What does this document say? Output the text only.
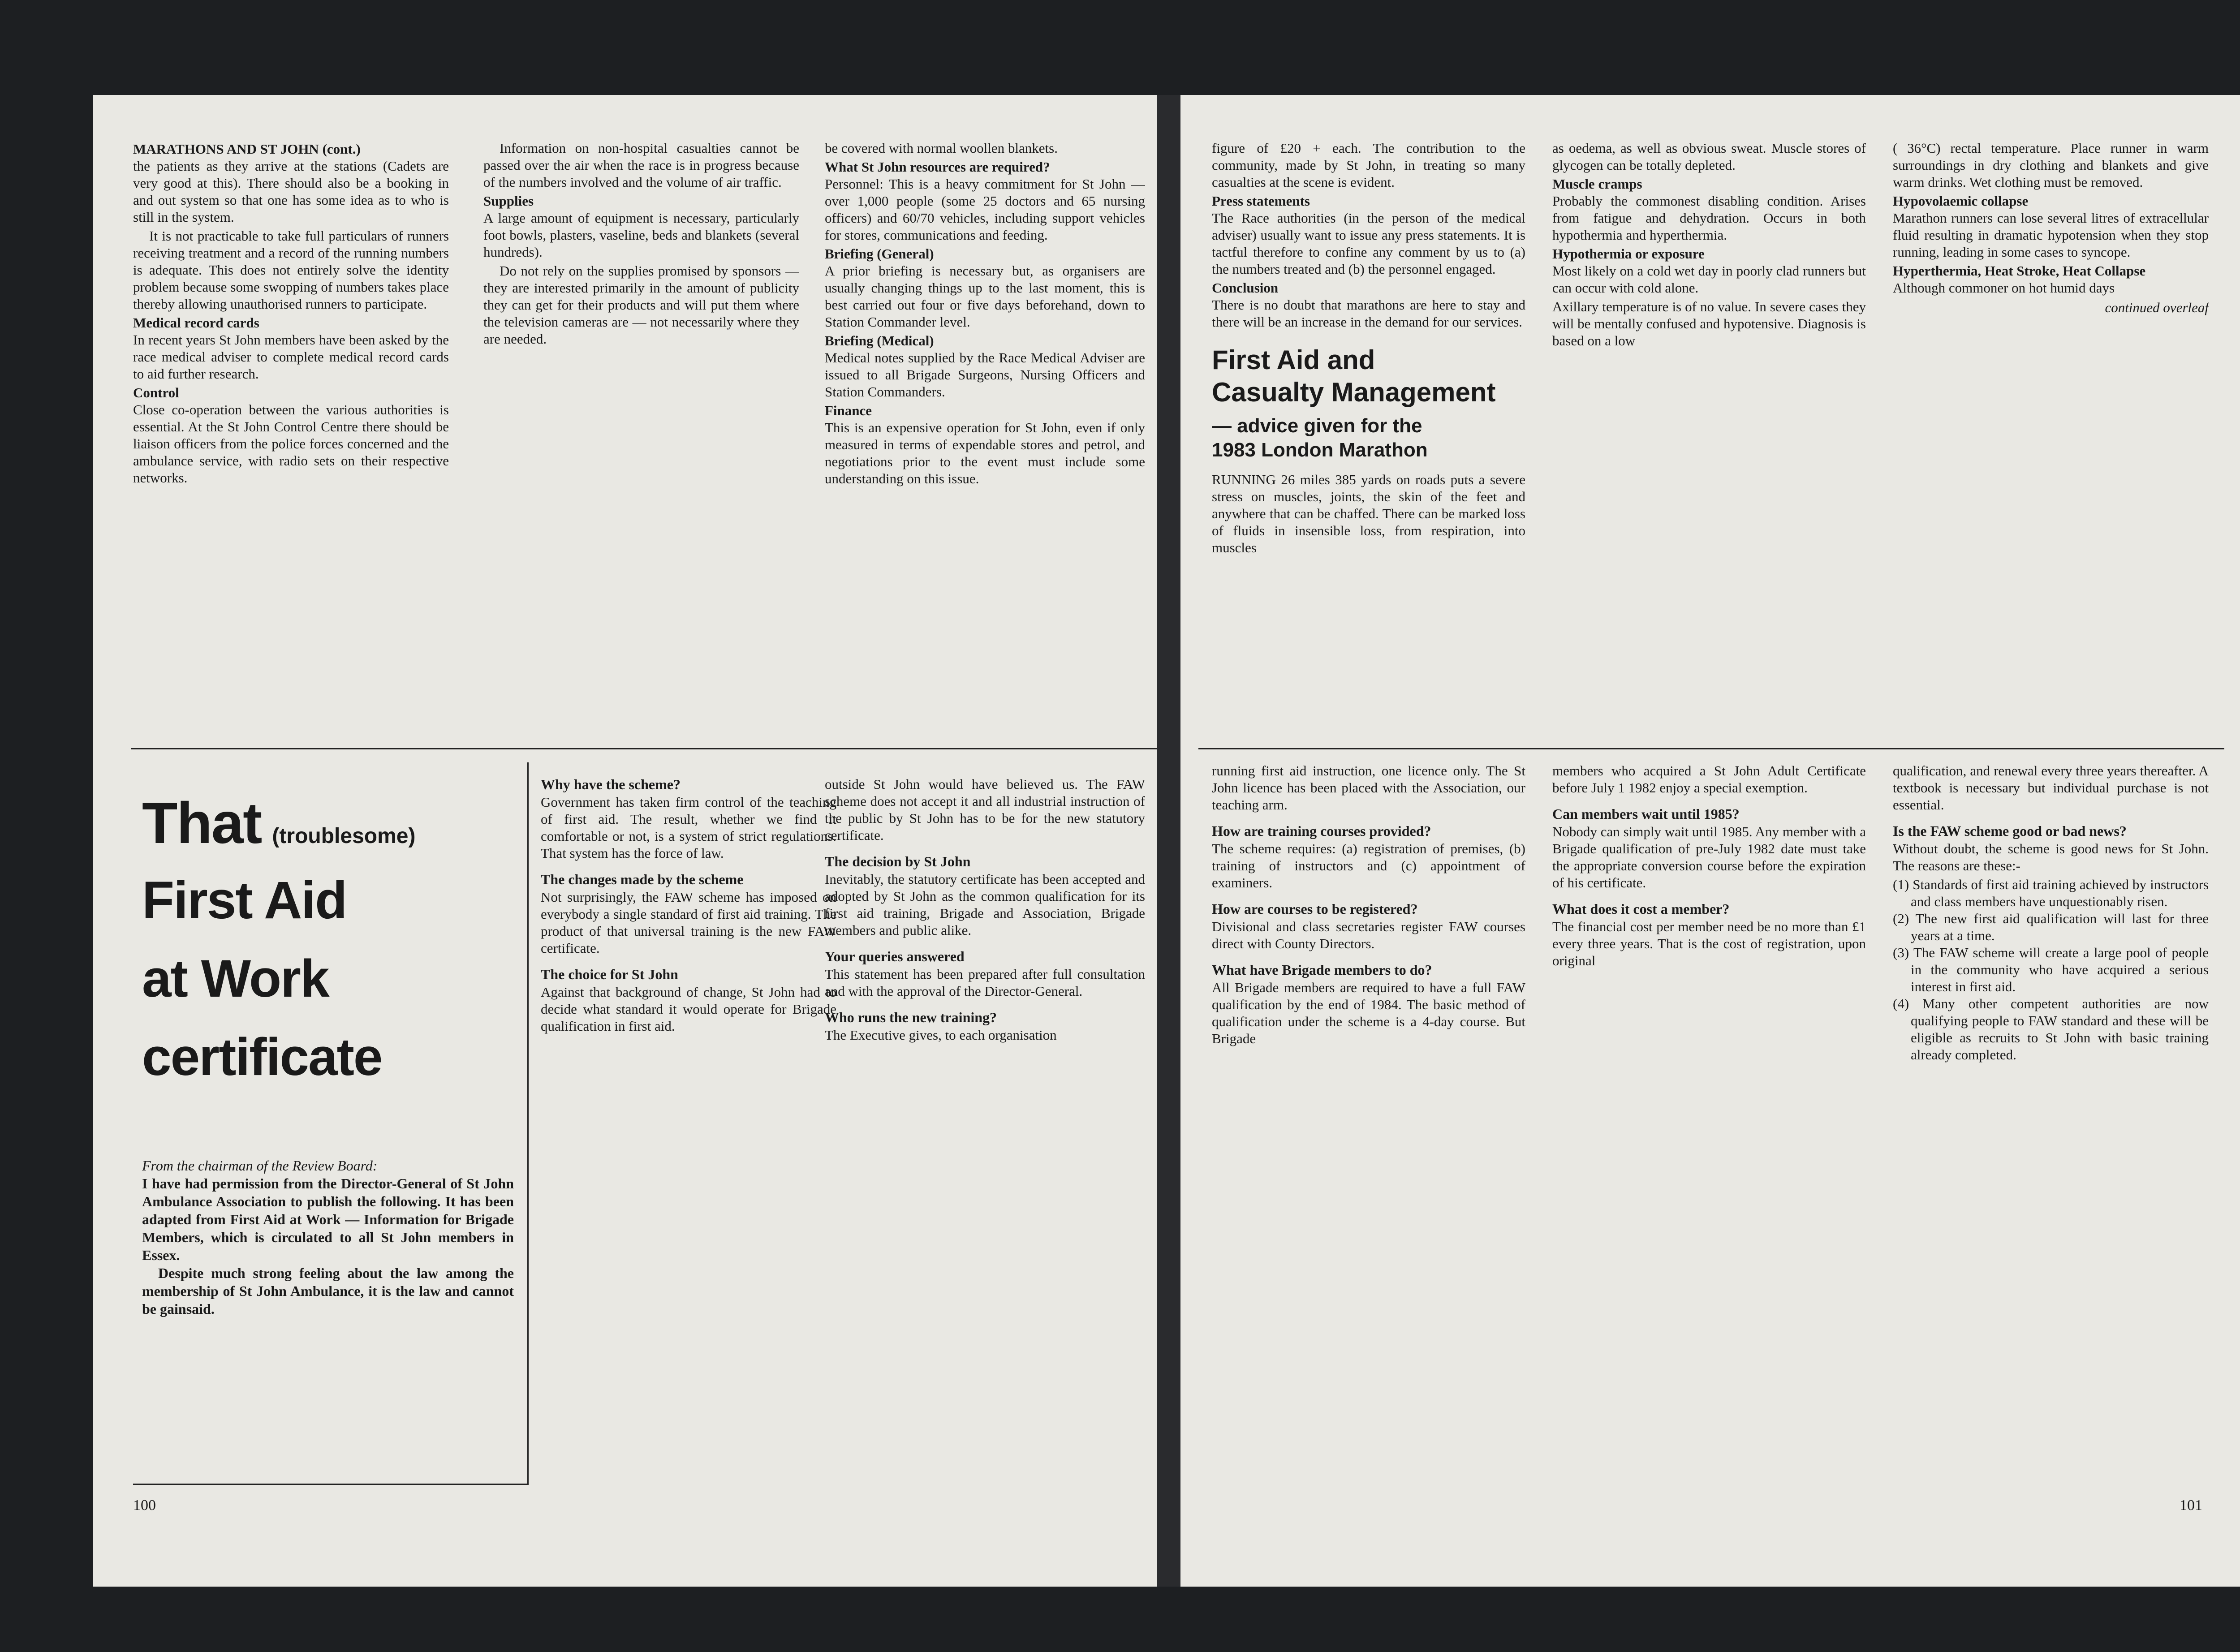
MARATHONS AND ST JOHN (cont.)

the patients as they arrive at the stations (Cadets are very good at this). There should also be a booking in and out system so that one has some idea as to who is still in the system.

It is not practicable to take full particulars of runners receiving treatment and a record of the running numbers is adequate. This does not entirely solve the identity problem because some swopping of numbers takes place thereby allowing unauthorised runners to participate.

Medical record cards

In recent years St John members have been asked by the race medical adviser to complete medical record cards to aid further research.

Control

Close co-operation between the various authorities is essential. At the St John Control Centre there should be liaison officers from the police forces concerned and the ambulance service, with radio sets on their respective networks.

Information on non-hospital casualties cannot be passed over the air when the race is in progress because of the numbers involved and the volume of air traffic.

Supplies

A large amount of equipment is necessary, particularly foot bowls, plasters, vaseline, beds and blankets (several hundreds).

Do not rely on the supplies promised by sponsors — they are interested primarily in the amount of publicity they can get for their products and will put them where the television cameras are — not necessarily where they are needed.

be covered with normal woollen blankets.

What St John resources are required?

Personnel: This is a heavy commitment for St John — over 1,000 people (some 25 doctors and 65 nursing officers) and 60/70 vehicles, including support vehicles for stores, communications and feeding.

Briefing (General)

A prior briefing is necessary but, as organisers are usually changing things up to the last moment, this is best carried out four or five days beforehand, down to Station Commander level.

Briefing (Medical)

Medical notes supplied by the Race Medical Adviser are issued to all Brigade Surgeons, Nursing Officers and Station Commanders.

Finance

This is an expensive operation for St John, even if only measured in terms of expendable stores and petrol, and negotiations prior to the event must include some understanding on this issue.

That (troublesome)
First Aid
at Work
certificate
From the chairman of the Review Board:
I have had permission from the Director-General of St John Ambulance Association to publish the following. It has been adapted from First Aid at Work — Information for Brigade Members, which is circulated to all St John members in Essex.
Despite much strong feeling about the law among the membership of St John Ambulance, it is the law and cannot be gainsaid.
Why have the scheme?

Government has taken firm control of the teaching of first aid. The result, whether we find it comfortable or not, is a system of strict regulations. That system has the force of law.

The changes made by the scheme

Not surprisingly, the FAW scheme has imposed on everybody a single standard of first aid training. The product of that universal training is the new FAW certificate.

The choice for St John

Against that background of change, St John had to decide what standard it would operate for Brigade qualification in first aid.

outside St John would have believed us. The FAW scheme does not accept it and all industrial instruction of the public by St John has to be for the new statutory certificate.

The decision by St John

Inevitably, the statutory certificate has been accepted and adopted by St John as the common qualification for its first aid training, Brigade and Association, Brigade members and public alike.

Your queries answered

This statement has been prepared after full consultation and with the approval of the Director-General.

Who runs the new training?

The Executive gives, to each organisation

100

figure of £20 + each. The contribution to the community, made by St John, in treating so many casualties at the scene is evident.

Press statements

The Race authorities (in the person of the medical adviser) usually want to issue any press statements. It is tactful therefore to confine any comment by us to (a) the numbers treated and (b) the personnel engaged.

Conclusion

There is no doubt that marathons are here to stay and there will be an increase in the demand for our services.

First Aid and
Casualty Management
— advice given for the
1983 London Marathon

RUNNING 26 miles 385 yards on roads puts a severe stress on muscles, joints, the skin of the feet and anywhere that can be chaffed. There can be marked loss of fluids in insensible loss, from respiration, into muscles

as oedema, as well as obvious sweat. Muscle stores of glycogen can be totally depleted.

Muscle cramps

Probably the commonest disabling condition. Arises from fatigue and dehydration. Occurs in both hypothermia and hyperthermia.

Hypothermia or exposure

Most likely on a cold wet day in poorly clad runners but can occur with cold alone.

Axillary temperature is of no value. In severe cases they will be mentally confused and hypotensive. Diagnosis is based on a low

( 36°C) rectal temperature. Place runner in warm surroundings in dry clothing and blankets and give warm drinks. Wet clothing must be removed.

Hypovolaemic collapse

Marathon runners can lose several litres of extracellular fluid resulting in dramatic hypotension when they stop running, leading in some cases to syncope.

Hyperthermia, Heat Stroke, Heat Collapse

Although commoner on hot humid days

continued overleaf

running first aid instruction, one licence only. The St John licence has been placed with the Association, our teaching arm.

How are training courses provided?

The scheme requires: (a) registration of premises, (b) training of instructors and (c) appointment of examiners.

How are courses to be registered?

Divisional and class secretaries register FAW courses direct with County Directors.

What have Brigade members to do?

All Brigade members are required to have a full FAW qualification by the end of 1984. The basic method of qualification under the scheme is a 4-day course. But Brigade

members who acquired a St John Adult Certificate before July 1 1982 enjoy a special exemption.

Can members wait until 1985?

Nobody can simply wait until 1985. Any member with a Brigade qualification of pre-July 1982 date must take the appropriate conversion course before the expiration of his certificate.

What does it cost a member?

The financial cost per member need be no more than £1 every three years. That is the cost of registration, upon original

qualification, and renewal every three years thereafter. A textbook is necessary but individual purchase is not essential.

Is the FAW scheme good or bad news?

Without doubt, the scheme is good news for St John. The reasons are these:-

(1) Standards of first aid training achieved by instructors and class members have unquestionably risen.
(2) The new first aid qualification will last for three years at a time.
(3) The FAW scheme will create a large pool of people in the community who have acquired a serious interest in first aid.
(4) Many other competent authorities are now qualifying people to FAW standard and these will be eligible as recruits to St John with basic training already completed.
101
